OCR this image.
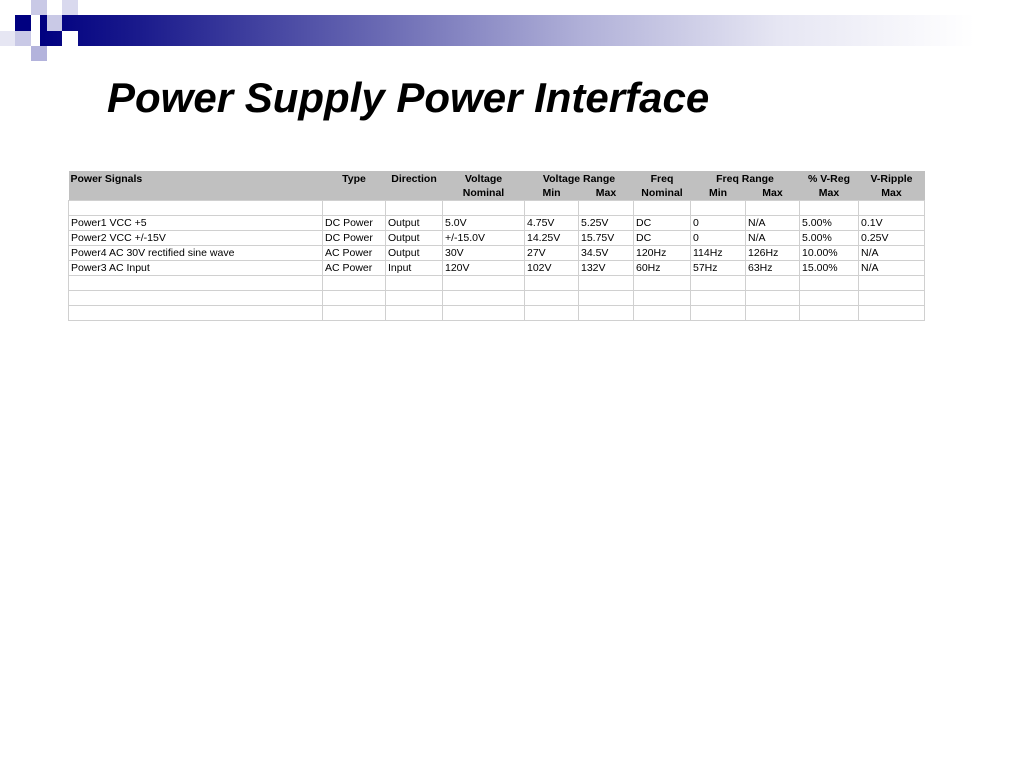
Power Supply Power Interface
Power Signals	Type	Direction	Voltage	Voltage Range		Freq	Freq Range		% V-Reg	V-Ripple
			Nominal	Min	Max	Nominal	Min	Max	Max	Max

Power1 VCC +5	DC Power	Output	5.0V	4.75V	5.25V	DC	0	N/A	5.00%	0.1V
Power2 VCC +/-15V	DC Power	Output	+/-15.0V	14.25V	15.75V	DC	0	N/A	5.00%	0.25V
Power4 AC 30V rectified sine wave	AC Power	Output	30V	27V	34.5V	120Hz	114Hz	126Hz	10.00%	N/A
Power3 AC Input	AC Power	Input	120V	102V	132V	60Hz	57Hz	63Hz	15.00%	N/A
